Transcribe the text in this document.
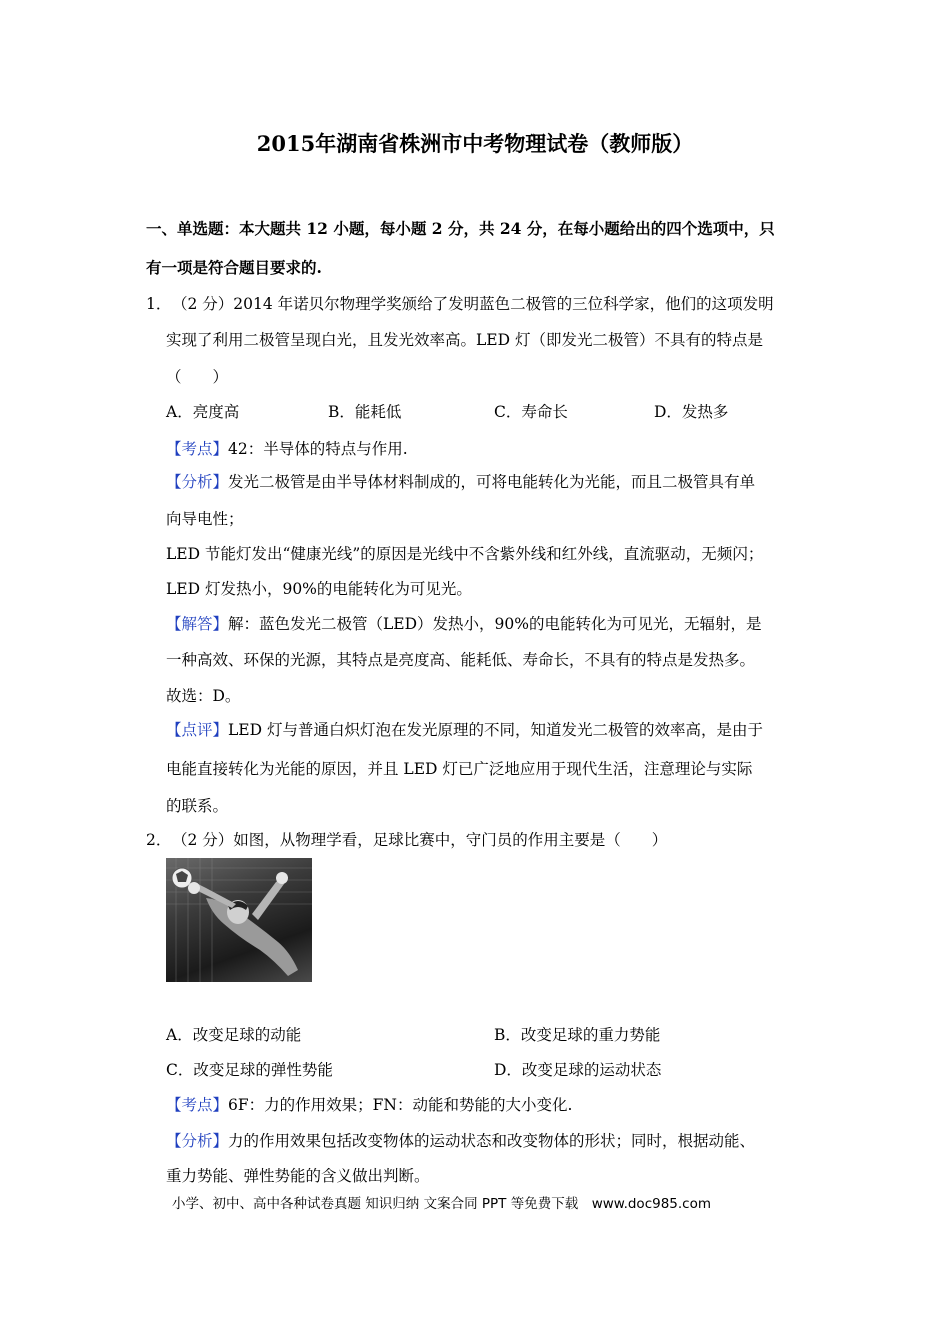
2015年湖南省株洲市中考物理试卷（教师版）
一、单选题：本大题共 12 小题，每小题 2 分，共 24 分，在每小题给出的四个选项中，只
有一项是符合题目要求的.
1． （2 分）2014 年诺贝尔物理学奖颁给了发明蓝色二极管的三位科学家，他们的这项发明
实现了利用二极管呈现白光，且发光效率高。LED 灯（即发光二极管）不具有的特点是
（　　）
A．亮度高	B．能耗低	C．寿命长	D．发热多
【考点】42：半导体的特点与作用.
【分析】发光二极管是由半导体材料制成的，可将电能转化为光能，而且二极管具有单
向导电性；
LED 节能灯发出“健康光线”的原因是光线中不含紫外线和红外线，直流驱动，无频闪；
LED 灯发热小，90%的电能转化为可见光。
【解答】解：蓝色发光二极管（LED）发热小，90%的电能转化为可见光，无辐射，是
一种高效、环保的光源，其特点是亮度高、能耗低、寿命长，不具有的特点是发热多。
故选：D。
【点评】LED 灯与普通白炽灯泡在发光原理的不同，知道发光二极管的效率高，是由于
电能直接转化为光能的原因，并且 LED 灯已广泛地应用于现代生活，注意理论与实际
的联系。
2． （2 分）如图，从物理学看，足球比赛中，守门员的作用主要是（　　）
A．改变足球的动能	B．改变足球的重力势能
C．改变足球的弹性势能	D．改变足球的运动状态
【考点】6F：力的作用效果；FN：动能和势能的大小变化.
【分析】力的作用效果包括改变物体的运动状态和改变物体的形状；同时，根据动能、
重力势能、弹性势能的含义做出判断。
小学、初中、高中各种试卷真题 知识归纳 文案合同 PPT 等免费下载　www.doc985.com
